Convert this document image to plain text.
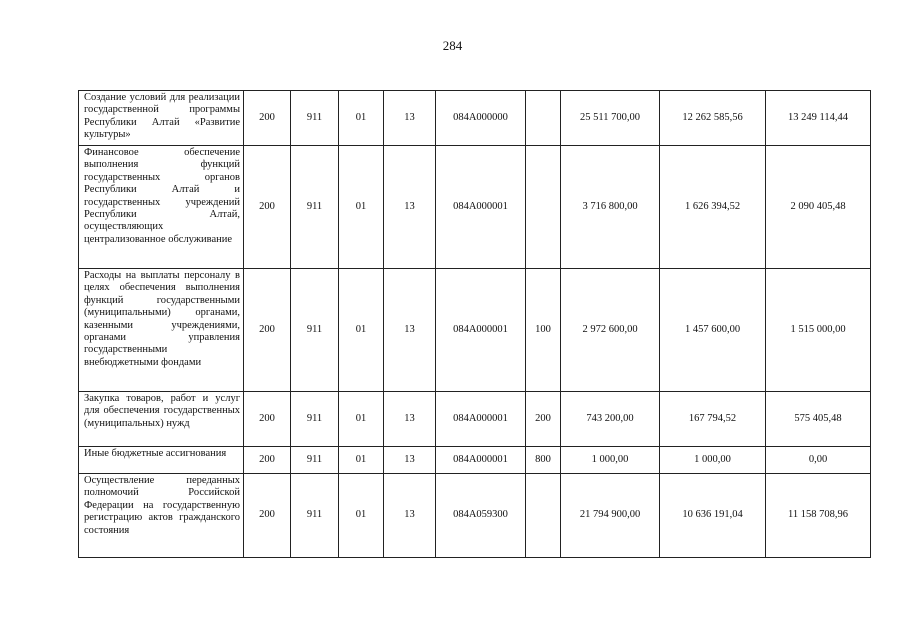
284
Создание условий для реализации государственной программы Республики Алтай «Развитие культуры»	200	911	01	13	084A000000		25 511 700,00	12 262 585,56	13 249 114,44
Финансовое обеспечение выполнения функций государственных органов Республики Алтай и государственных учреждений Республики Алтай, осуществляющих централизованное обслуживание	200	911	01	13	084A000001		3 716 800,00	1 626 394,52	2 090 405,48
Расходы на выплаты персоналу в целях обеспечения выполнения функций государственными (муниципальными) органами, казенными учреждениями, органами управления государственными внебюджетными фондами	200	911	01	13	084A000001	100	2 972 600,00	1 457 600,00	1 515 000,00
Закупка товаров, работ и услуг для обеспечения государственных (муниципальных) нужд	200	911	01	13	084A000001	200	743 200,00	167 794,52	575 405,48
Иные бюджетные ассигнования	200	911	01	13	084A000001	800	1 000,00	1 000,00	0,00
Осуществление переданных полномочий Российской Федерации на государственную регистрацию актов гражданского состояния	200	911	01	13	084A059300		21 794 900,00	10 636 191,04	11 158 708,96
